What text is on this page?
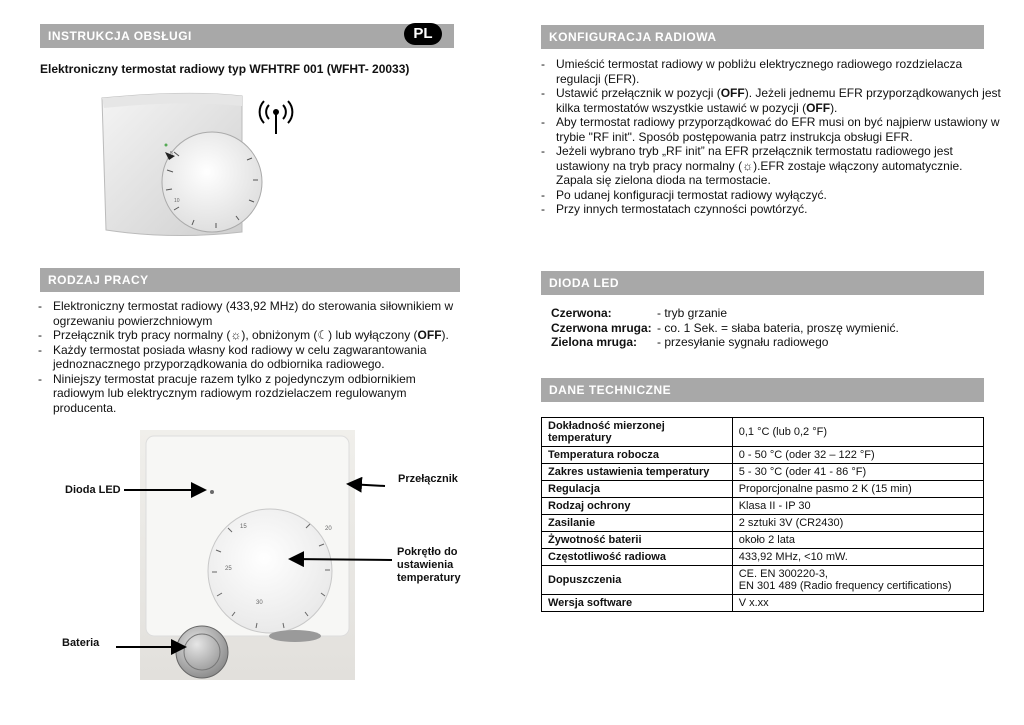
INSTRUKCJA OBSŁUGI	PL
Elektroniczny termostat radiowy typ WFHTRF 001 (WFHT- 20033)
RODZAJ PRACY
- Elektroniczny termostat radiowy (433,92 MHz) do sterowania siłownikiem w ogrzewaniu powierzchniowym
- Przełącznik tryb pracy normalny (☼), obniżonym (☾) lub wyłączony (OFF).
- Każdy termostat posiada własny kod radiowy w celu zagwarantowania jednoznacznego przyporządkowania do odbiornika radiowego.
- Niniejszy termostat pracuje razem tylko z pojedynczym odbiornikiem radiowym lub elektrycznym radiowym rozdzielaczem regulowanym producenta.
Dioda LED
Przełącznik
Pokrętło do ustawienia temperatury
Bateria
KONFIGURACJA RADIOWA
- Umieścić termostat radiowy w pobliżu elektrycznego radiowego rozdzielacza regulacji (EFR).
- Ustawić przełącznik w pozycji (OFF). Jeżeli jednemu EFR przyporządkowanych jest kilka termostatów wszystkie ustawić w pozycji (OFF).
- Aby termostat radiowy przyporządkować do EFR musi on być najpierw ustawiony w trybie "RF init". Sposób postępowania patrz instrukcja obsługi EFR.
- Jeżeli wybrano tryb „RF init” na EFR przełącznik termostatu radiowego jest ustawiony na tryb pracy normalny (☼).EFR zostaje włączony automatycznie. Zapala się zielona dioda na termostacie.
- Po udanej konfiguracji termostat radiowy wyłączyć.
- Przy innych termostatach czynności powtórzyć.
DIODA LED
Czerwona:	- tryb grzanie
Czerwona mruga: - co. 1 Sek. = słaba bateria, proszę wymienić.
Zielona mruga:	- przesyłanie sygnału radiowego
DANE TECHNICZNE
Dokładność mierzonej temperatury	0,1 °C (lub 0,2 °F)
Temperatura robocza	0 - 50 °C (oder 32 – 122 °F)
Zakres ustawienia temperatury	5 - 30 °C (oder 41 - 86 °F)
Regulacja	Proporcjonalne pasmo 2 K (15 min)
Rodzaj ochrony	Klasa II - IP 30
Zasilanie	2 sztuki 3V (CR2430)
Żywotność baterii	około 2 lata
Częstotliwość radiowa	433,92 MHz, <10 mW.
Dopuszczenia	CE. EN 300220-3,
EN 301 489 (Radio frequency certifications)
Wersja software	V x.xx
5
10
15	20
25
30
